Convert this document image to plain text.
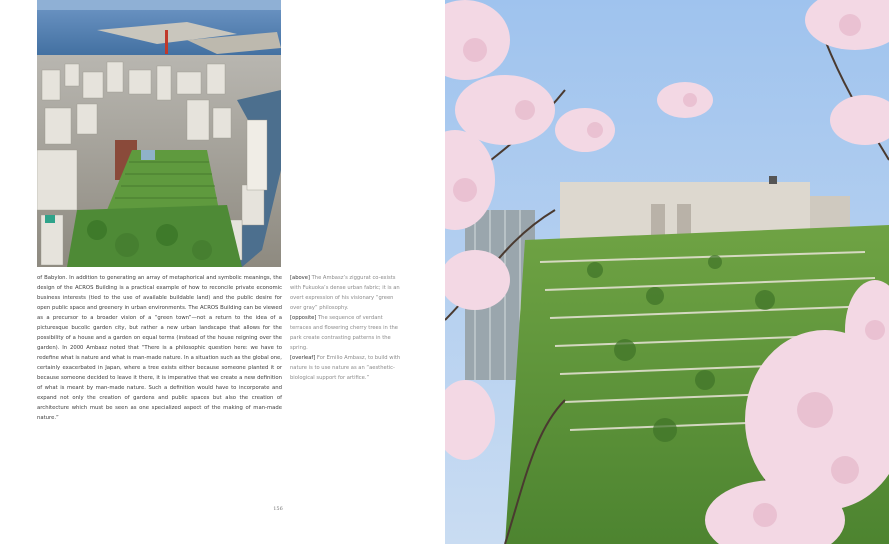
of Babylon. In addition to generating an array of metaphorical and symbolic meanings, the design of the ACROS Building is a practical example of how to reconcile private economic business interests (tied to the use of available buildable land) and the public desire for open public space and greenery in urban environments. The ACROS Building can be viewed as a precursor to a broader vision of a “green town”—not a return to the idea of a picturesque bucolic garden city, but rather a new urban landscape that allows for the possibility of a house and a garden on equal terms (instead of the house reigning over the garden). In 2000 Ambasz noted that “There is a philosophic question here: we have to redefine what is nature and what is man-made nature. In a situation such as the global one, certainly exacerbated in Japan, where a tree exists either because someone planted it or because someone decided to leave it there, it is imperative that we create a new definition of what is meant by man-made nature. Such a definition would have to incorporate and expand not only the creation of gardens and public spaces but also the creation of architecture which must be seen as one specialized aspect of the making of man-made nature.”

[above] The Ambasz’s ziggurat co-exists with Fukuoka’s dense urban fabric; it is an overt expression of his visionary “green over gray” philosophy.

[opposite] The sequence of verdant terraces and flowering cherry trees in the park create contrasting patterns in the spring.

[overleaf] For Emilio Ambasz, to build with nature is to use nature as an “aesthetic-biological support for artifice.”

156
